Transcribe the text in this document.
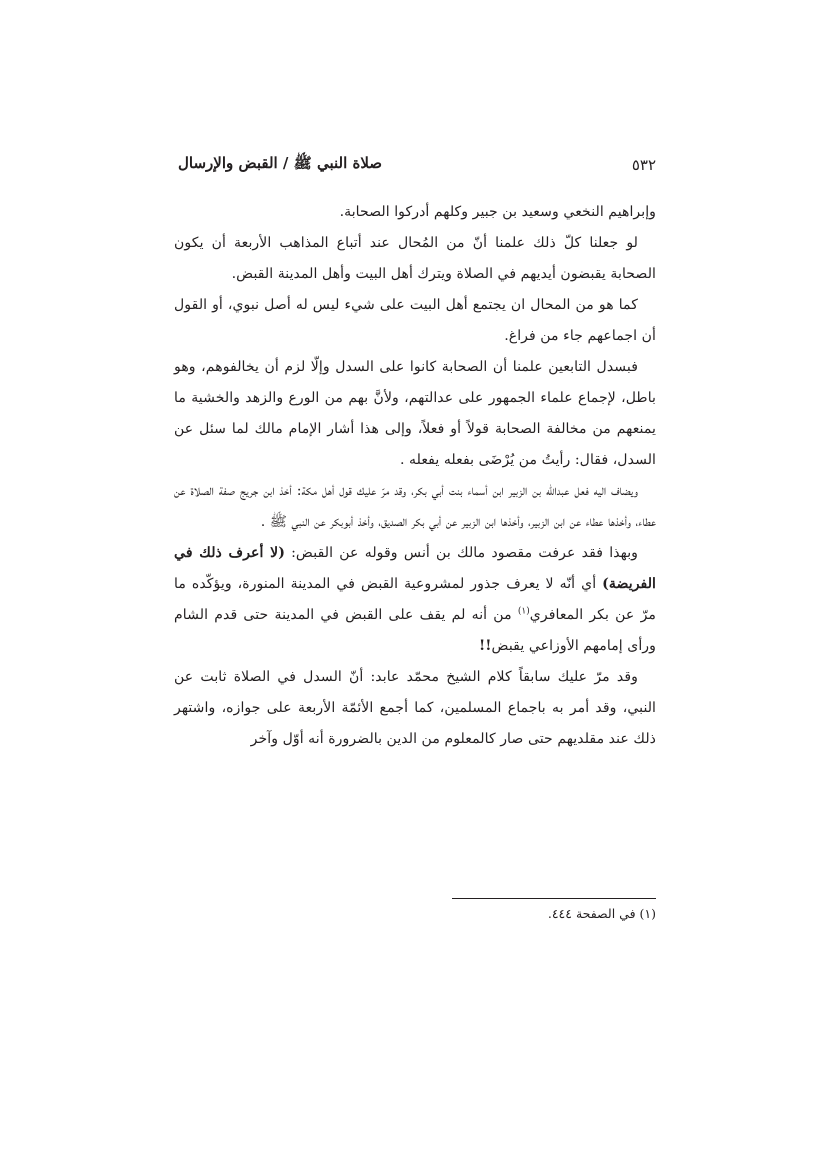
٥٣٢
صلاة النبي ﷺ / القبض والإرسال

وإبراهيم النخعي وسعيد بن جبير وكلهم أدركوا الصحابة.

لو جعلنا كلّ ذلك علمنا أنّ من المُحال عند أتباع المذاهب الأربعة أن يكون الصحابة يقبضون أيديهم في الصلاة ويترك أهل البيت وأهل المدينة القبض.

كما هو من المحال ان يجتمع أهل البيت على شيء ليس له أصل نبوي، أو القول أن اجماعهم جاء من فراغ.

فبسدل التابعين علمنا أن الصحابة كانوا على السدل وإلّا لزم أن يخالفوهم، وهو باطل، لإجماع علماء الجمهور على عدالتهم، ولأنَّ بهم من الورع والزهد والخشية ما يمنعهم من مخالفة الصحابة قولاً أو فعلاً، وإلى هذا أشار الإمام مالك لما سئل عن السدل، فقال: رأيتُ من يُرْضَى بفعله يفعله .

ويضاف اليه فعل عبدالله بن الزبير ابن أسماء بنت أبي بكر، وقد مرّ عليك قول أهل مكة: أخذ ابن جريج صفة الصلاة عن عطاء، وأخذها عطاء عن ابن الزبير، وأخذها ابن الزبير عن أبي بكر الصديق، وأخذ أبوبكر عن النبي ﷺ .

وبهذا فقد عرفت مقصود مالك بن أنس وقوله عن القبض: (لا أعرف ذلك في الفريضة) أي أنّه لا يعرف جذور لمشروعية القبض في المدينة المنورة، ويؤكّده ما مرّ عن بكر المعافري$^{(١)}$ من أنه لم يقف على القبض في المدينة حتى قدم الشام ورأى إمامهم الأوزاعي يقبض!!

وقد مرّ عليك سابقاً كلام الشيخ محمّد عابد: أنّ السدل في الصلاة ثابت عن النبي، وقد أمر به باجماع المسلمين، كما أجمع الأئمّة الأربعة على جوازه، واشتهر ذلك عند مقلديهم حتى صار كالمعلوم من الدين بالضرورة أنه أوّل وآخر

(١) في الصفحة ٤٤٤.
